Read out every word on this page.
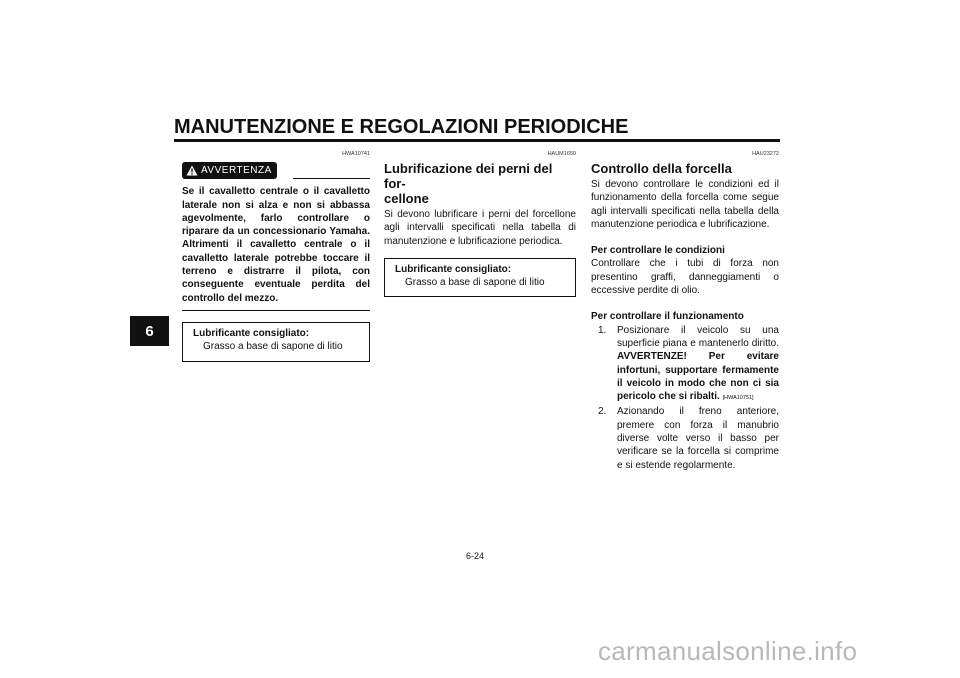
MANUTENZIONE E REGOLAZIONI PERIODICHE
6
HWA10741
AVVERTENZA
Se il cavalletto centrale o il cavalletto laterale non si alza e non si abbassa agevolmente, farlo controllare o riparare da un concessionario Yamaha. Altrimenti il cavalletto centrale o il cavalletto laterale potrebbe toccare il terreno e distrarre il pilota, con conseguente eventuale perdita del controllo del mezzo.
Lubrificante consigliato:
Grasso a base di sapone di litio
HAUM1650
Lubrificazione dei perni del for-
cellone
Si devono lubrificare i perni del forcellone agli intervalli specificati nella tabella di manutenzione e lubrificazione periodica.
Lubrificante consigliato:
Grasso a base di sapone di litio
HAU23272
Controllo della forcella
Si devono controllare le condizioni ed il funzionamento della forcella come segue agli intervalli specificati nella tabella della manutenzione periodica e lubrificazione.
Per controllare le condizioni
Controllare che i tubi di forza non presentino graffi, danneggiamenti o eccessive perdite di olio.
Per controllare il funzionamento
1.	Posizionare il veicolo su una superficie piana e mantenerlo diritto. AVVERTENZE! Per evitare infortuni, supportare fermamente il veicolo in modo che non ci sia pericolo che si ribalti. [HWA10751]
2.	Azionando il freno anteriore, premere con forza il manubrio diverse volte verso il basso per verificare se la forcella si comprime e si estende regolarmente.
6-24
carmanualsonline.info
